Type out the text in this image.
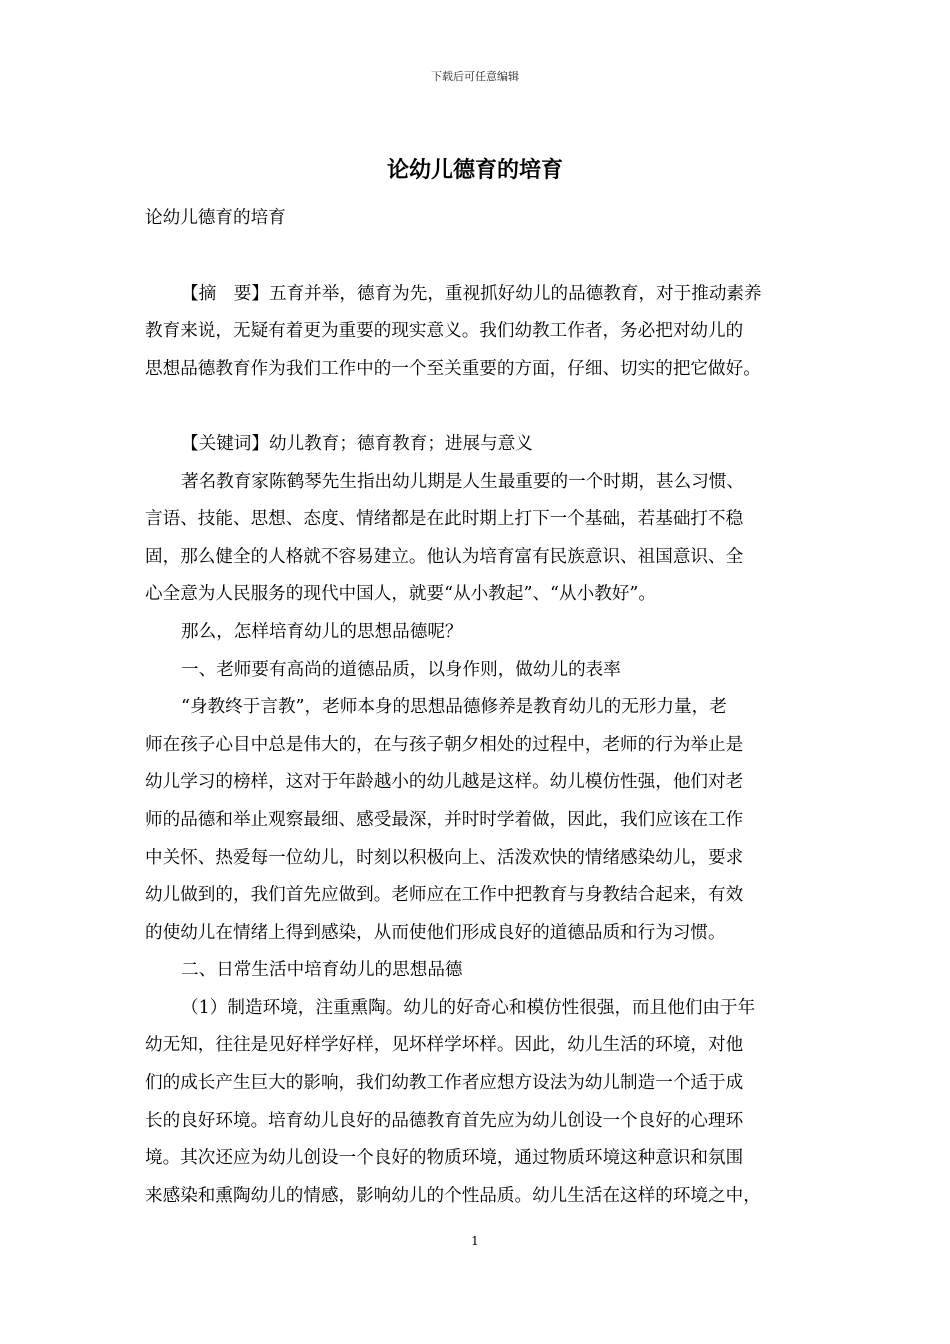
下载后可任意编辑
论幼儿德育的培育
论幼儿德育的培育
【摘　要】五育并举，德育为先，重视抓好幼儿的品德教育，对于推动素养
教育来说，无疑有着更为重要的现实意义。我们幼教工作者，务必把对幼儿的
思想品德教育作为我们工作中的一个至关重要的方面，仔细、切实的把它做好。
【关键词】幼儿教育；德育教育；进展与意义
著名教育家陈鹤琴先生指出幼儿期是人生最重要的一个时期，甚么习惯、
言语、技能、思想、态度、情绪都是在此时期上打下一个基础，若基础打不稳
固，那么健全的人格就不容易建立。他认为培育富有民族意识、祖国意识、全
心全意为人民服务的现代中国人，就要“从小教起”、“从小教好”。
那么，怎样培育幼儿的思想品德呢？
一、老师要有高尚的道德品质，以身作则，做幼儿的表率
“身教终于言教”，老师本身的思想品德修养是教育幼儿的无形力量，老
师在孩子心目中总是伟大的，在与孩子朝夕相处的过程中，老师的行为举止是
幼儿学习的榜样，这对于年龄越小的幼儿越是这样。幼儿模仿性强，他们对老
师的品德和举止观察最细、感受最深，并时时学着做，因此，我们应该在工作
中关怀、热爱每一位幼儿，时刻以积极向上、活泼欢快的情绪感染幼儿，要求
幼儿做到的，我们首先应做到。老师应在工作中把教育与身教结合起来，有效
的使幼儿在情绪上得到感染，从而使他们形成良好的道德品质和行为习惯。
二、日常生活中培育幼儿的思想品德
（1）制造环境，注重熏陶。幼儿的好奇心和模仿性很强，而且他们由于年
幼无知，往往是见好样学好样，见坏样学坏样。因此，幼儿生活的环境，对他
们的成长产生巨大的影响，我们幼教工作者应想方设法为幼儿制造一个适于成
长的良好环境。培育幼儿良好的品德教育首先应为幼儿创设一个良好的心理环
境。其次还应为幼儿创设一个良好的物质环境，通过物质环境这种意识和氛围
来感染和熏陶幼儿的情感，影响幼儿的个性品质。幼儿生活在这样的环境之中，
1
